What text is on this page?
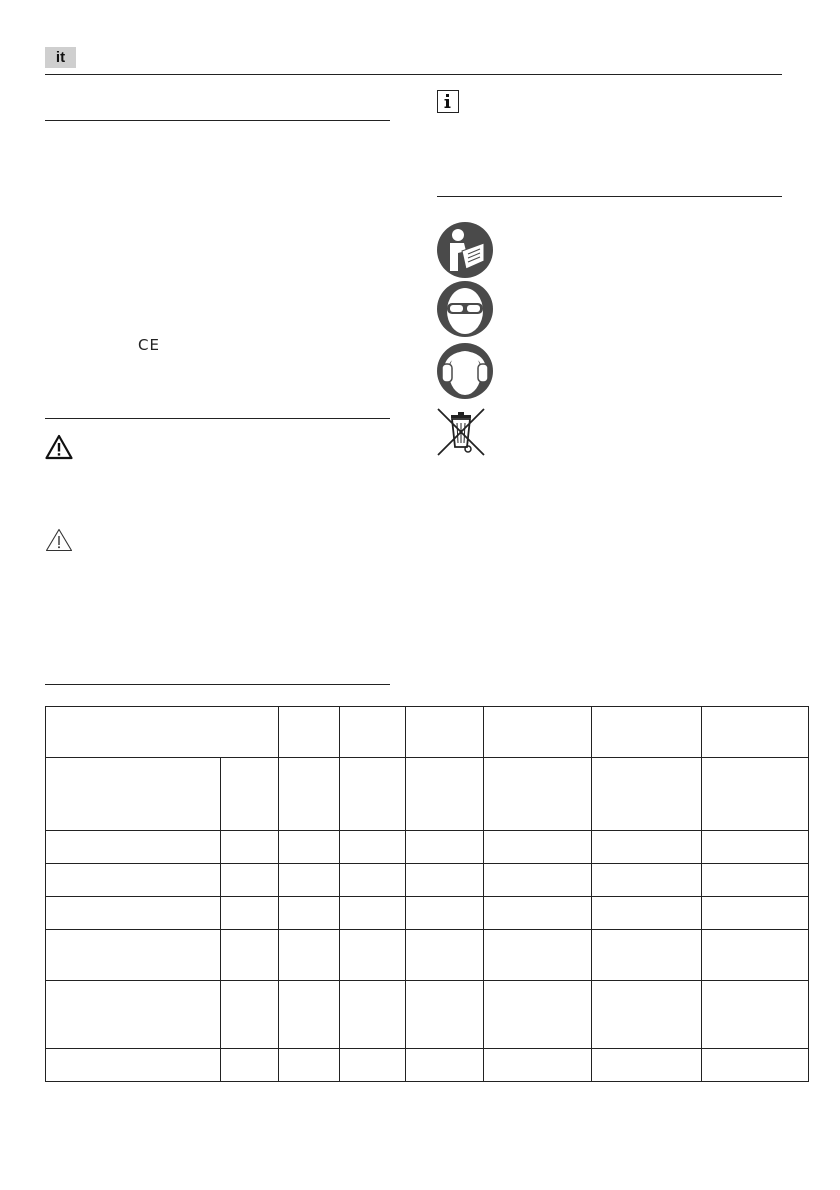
it
CE
